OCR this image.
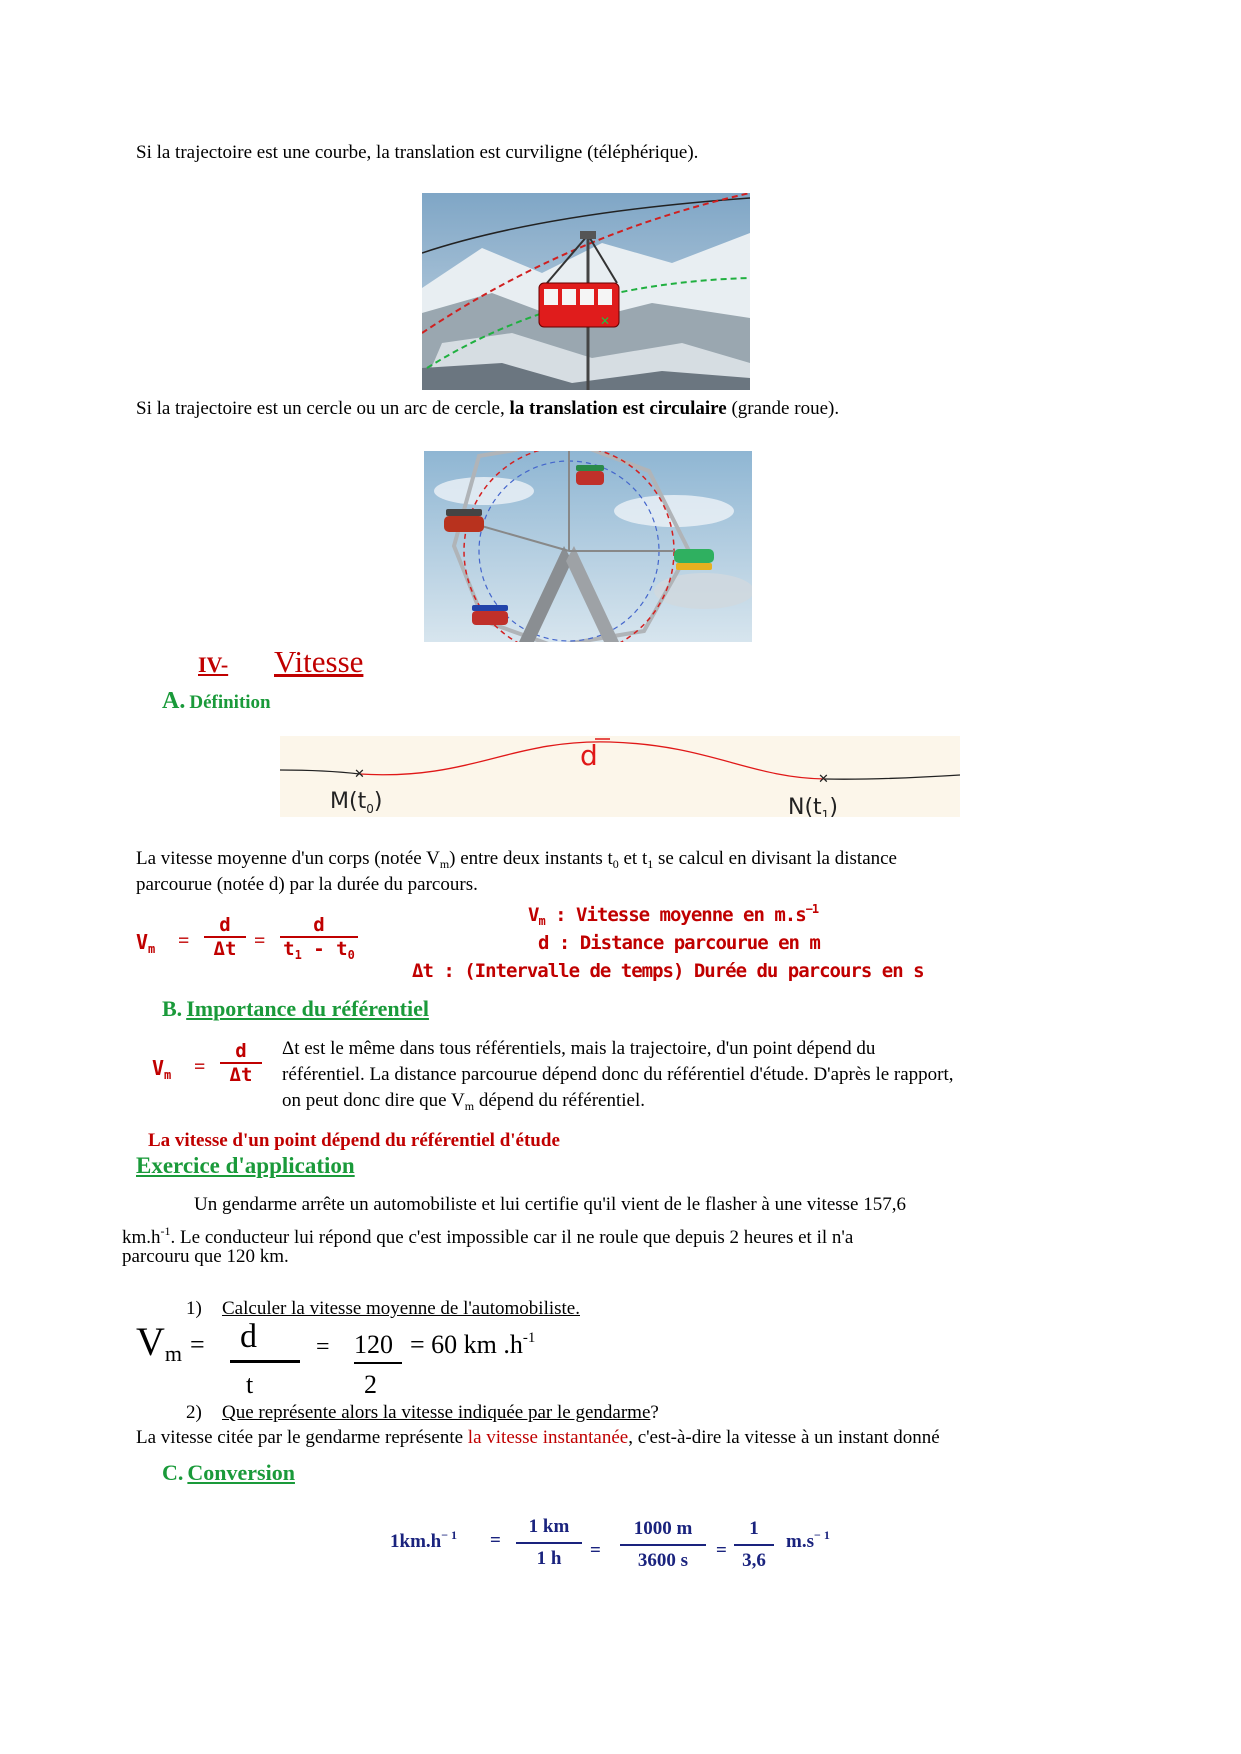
Si la trajectoire est une courbe, la translation est curviligne (téléphérique).
✕
Si la trajectoire est un cercle ou un arc de cercle, la translation est circulaire (grande roue).
IV- Vitesse
A. Définition
✕	✕
d
$M(t_0)$	$N(t_1)$
La vitesse moyenne d'un corps (notée $V_m$) entre deux instants $t_0$ et $t_1$ se calcul en divisant la distance
parcourue (notée d) par la durée du parcours.
$V_m = \frac{d}{\Delta t} = \frac{d}{t_1 - t_0}$	$V_m$ : Vitesse moyenne en $m.s^{-1}$
d : Distance parcourue en m
Δt : (Intervalle de temps) Durée du parcours en s
B. Importance du référentiel
$V_m = \frac{d}{\Delta t}$ Δt est le même dans tous référentiels, mais la trajectoire, d'un point dépend du
référentiel. La distance parcourue dépend donc du référentiel d'étude. D'après le rapport,
on peut donc dire que $V_m$ dépend du référentiel.
La vitesse d'un point dépend du référentiel d'étude
Exercice d'application
Un gendarme arrête un automobiliste et lui certifie qu'il vient de le flasher à une vitesse 157,6
$km.h^{-1}$. Le conducteur lui répond que c'est impossible car il ne roule que depuis 2 heures et il n'a
parcouru que 120 km.
1) Calculer la vitesse moyenne de l'automobiliste.
Vm = d
t
= 120
2
= 60 km $.h^{-1}$
2) Que représente alors la vitesse indiquée par le gendarme?
La vitesse citée par le gendarme représente la vitesse instantanée, c'est-à-dire la vitesse à un instant donné
C. Conversion
$1km.h^{- 1} = \frac{1 km}{1 h} = \frac{1000 m}{3600 s} = \frac{1}{3,6} m.s^{- 1}$
